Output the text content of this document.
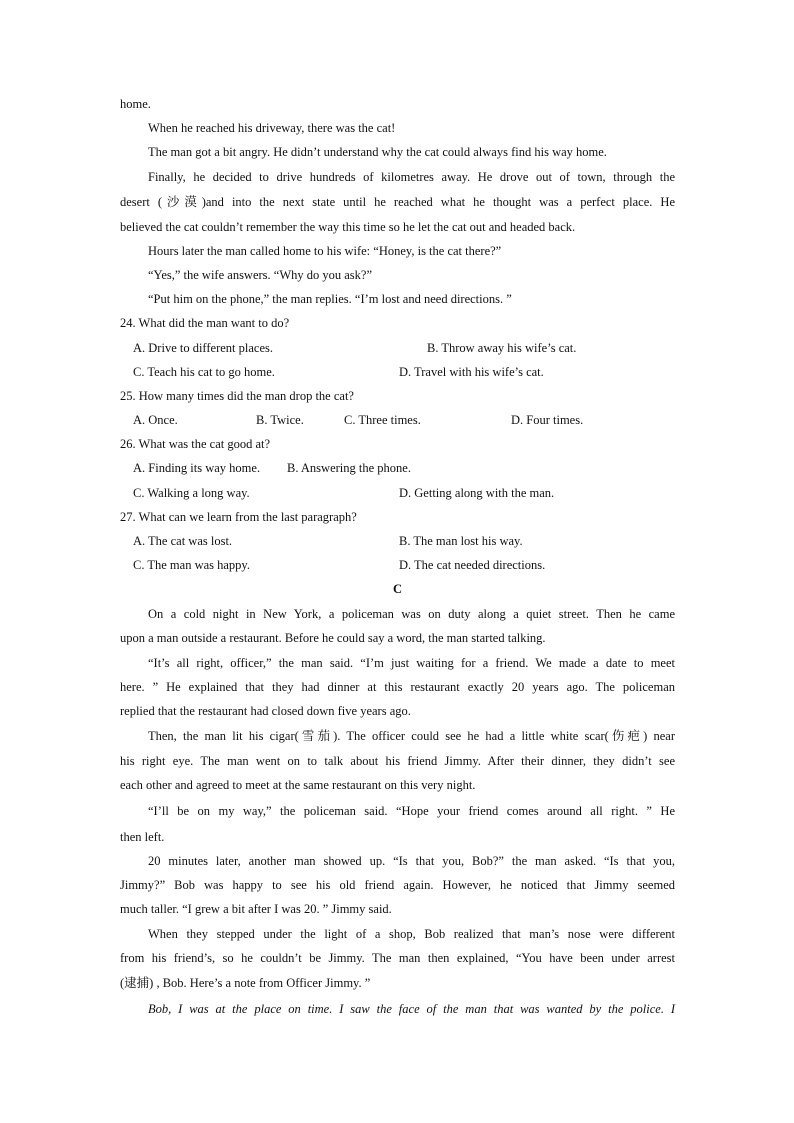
home.
When he reached his driveway, there was the cat!
The man got a bit angry. He didn’t understand why the cat could always find his way home.
Finally, he decided to drive hundreds of kilometres away. He drove out of town, through the
desert (沙漠)and into the next state until he reached what he thought was a perfect place. He
believed the cat couldn’t remember the way this time so he let the cat out and headed back.
Hours later the man called home to his wife: “Honey, is the cat there?”
“Yes,” the wife answers. “Why do you ask?”
“Put him on the phone,” the man replies. “I’m lost and need directions. ”
24. What did the man want to do?
A. Drive to different places.	B. Throw away his wife’s cat.
C. Teach his cat to go home.	D. Travel with his wife’s cat.
25. How many times did the man drop the cat?
A. Once.	B. Twice.	C. Three times.	D. Four times.
26. What was the cat good at?
A. Finding its way home. B. Answering the phone.
C. Walking a long way.	D. Getting along with the man.
27. What can we learn from the last paragraph?
A. The cat was lost.	B. The man lost his way.
C. The man was happy.	D. The cat needed directions.
C
On a cold night in New York, a policeman was on duty along a quiet street. Then he came
upon a man outside a restaurant. Before he could say a word, the man started talking.
“It’s all right, officer,” the man said. “I’m just waiting for a friend. We made a date to meet
here. ” He explained that they had dinner at this restaurant exactly 20 years ago. The policeman
replied that the restaurant had closed down five years ago.
Then, the man lit his cigar(雪茄). The officer could see he had a little white scar(伤疤) near
his right eye. The man went on to talk about his friend Jimmy. After their dinner, they didn’t see
each other and agreed to meet at the same restaurant on this very night.
“I’ll be on my way,” the policeman said. “Hope your friend comes around all right. ” He
then left.
20 minutes later, another man showed up. “Is that you, Bob?” the man asked. “Is that you,
Jimmy?” Bob was happy to see his old friend again. However, he noticed that Jimmy seemed
much taller. “I grew a bit after I was 20. ” Jimmy said.
When they stepped under the light of a shop, Bob realized that man’s nose were different
from his friend’s, so he couldn’t be Jimmy. The man then explained, “You have been under arrest
(逮捕) , Bob. Here’s a note from Officer Jimmy. ”
Bob, I was at the place on time. I saw the face of the man that was wanted by the police. I
